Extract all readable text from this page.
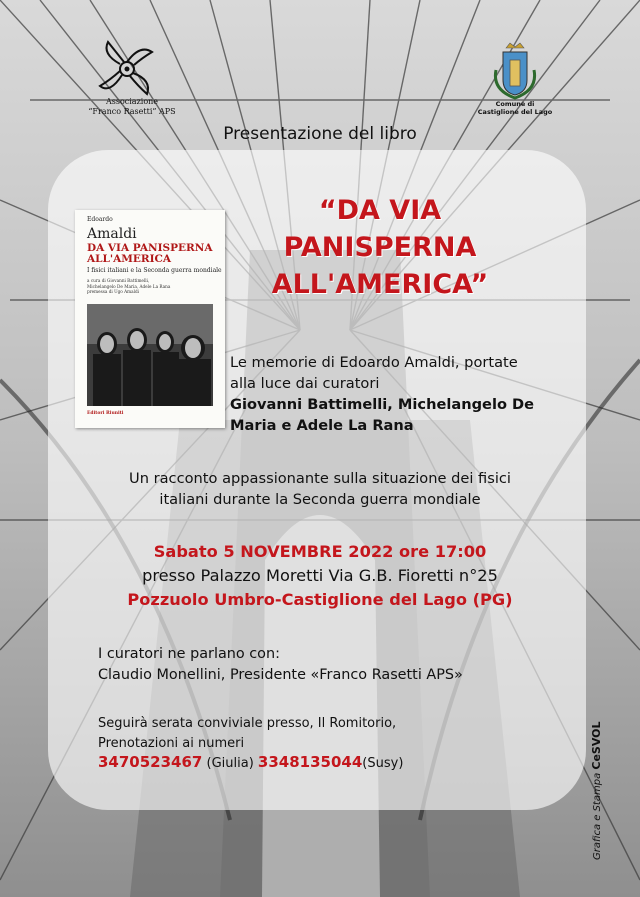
Associazione
“Franco Rasetti” APS
Comune di
Castiglione del Lago
Presentazione del libro
“DA VIA
PANISPERNA
ALL'AMERICA”
Edoardo
Amaldi
DA VIA PANISPERNA
ALL'AMERICA
I fisici italiani e la Seconda guerra mondiale
a cura di Giovanni Battimelli,
Michelangelo De Maria, Adele La Rana
premessa di Ugo Amaldi
Editori Riuniti
Le memorie di Edoardo Amaldi, portate
alla luce dai curatori
Giovanni Battimelli, Michelangelo De
Maria e Adele La Rana
Un racconto appassionante sulla situazione dei fisici
italiani durante la Seconda guerra mondiale
Sabato 5 NOVEMBRE 2022 ore 17:00
presso Palazzo Moretti Via G.B. Fioretti n°25
Pozzuolo Umbro-Castiglione del Lago (PG)
I curatori ne parlano con:
Claudio Monellini, Presidente «Franco Rasetti APS»
Seguirà serata conviviale presso, Il Romitorio,
Prenotazioni ai numeri
3470523467 (Giulia) 3348135044(Susy)
Grafica e Stampa CeSVOL
